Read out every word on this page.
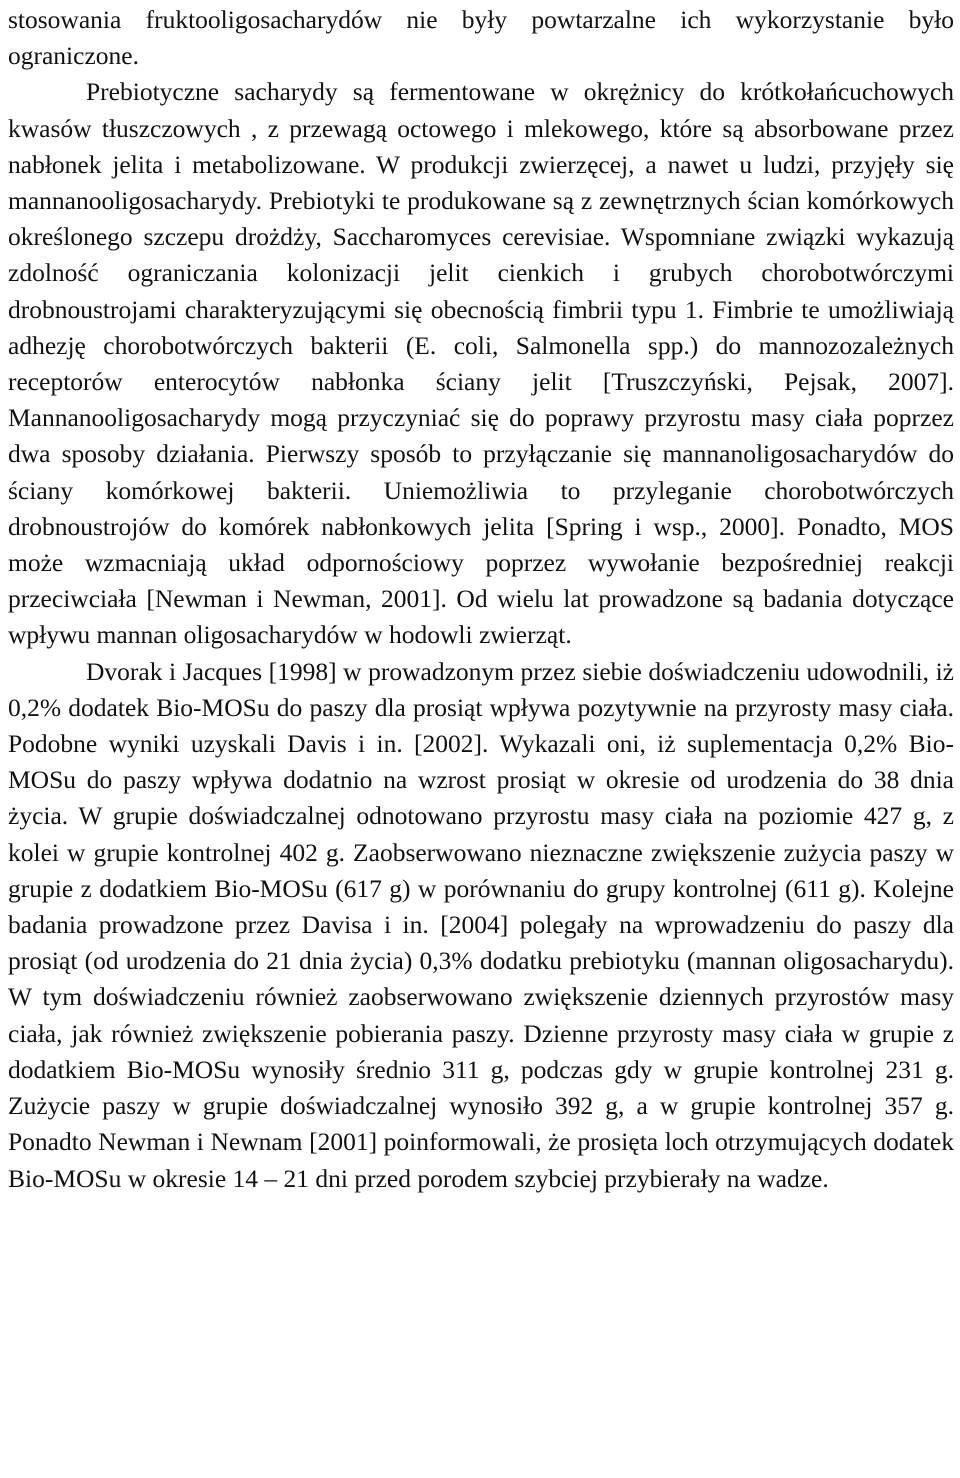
stosowania fruktooligosacharydów nie były powtarzalne ich wykorzystanie było ograniczone.

Prebiotyczne sacharydy są fermentowane w okrężnicy do krótkołańcuchowych kwasów tłuszczowych , z przewagą octowego i mlekowego, które są absorbowane przez nabłonek jelita i metabolizowane. W produkcji zwierzęcej, a nawet u ludzi, przyjęły się mannanooligosacharydy. Prebiotyki te produkowane są z zewnętrznych ścian komórkowych określonego szczepu drożdży, Saccharomyces cerevisiae. Wspomniane związki wykazują zdolność ograniczania kolonizacji jelit cienkich i grubych chorobotwórczymi drobnoustrojami charakteryzującymi się obecnością fimbrii typu 1. Fimbrie te umożliwiają adhezję chorobotwórczych bakterii (E. coli, Salmonella spp.) do mannozozależnych receptorów enterocytów nabłonka ściany jelit [Truszczyński, Pejsak, 2007]. Mannanooligosacharydy mogą przyczyniać się do poprawy przyrostu masy ciała poprzez dwa sposoby działania. Pierwszy sposób to przyłączanie się mannanoligosacharydów do ściany komórkowej bakterii. Uniemożliwia to przyleganie chorobotwórczych drobnoustrojów do komórek nabłonkowych jelita [Spring i wsp., 2000]. Ponadto, MOS może wzmacniają układ odpornościowy poprzez wywołanie bezpośredniej reakcji przeciwciała [Newman i Newman, 2001]. Od wielu lat prowadzone są badania dotyczące wpływu mannan oligosacharydów w hodowli zwierząt.

Dvorak i Jacques [1998] w prowadzonym przez siebie doświadczeniu udowodnili, iż 0,2% dodatek Bio-MOSu do paszy dla prosiąt wpływa pozytywnie na przyrosty masy ciała. Podobne wyniki uzyskali Davis i in. [2002]. Wykazali oni, iż suplementacja 0,2% Bio-MOSu do paszy wpływa dodatnio na wzrost prosiąt w okresie od urodzenia do 38 dnia życia. W grupie doświadczalnej odnotowano przyrostu masy ciała na poziomie 427 g, z kolei w grupie kontrolnej 402 g. Zaobserwowano nieznaczne zwiększenie zużycia paszy w grupie z dodatkiem Bio-MOSu (617 g) w porównaniu do grupy kontrolnej (611 g). Kolejne badania prowadzone przez Davisa i in. [2004] polegały na wprowadzeniu do paszy dla prosiąt (od urodzenia do 21 dnia życia) 0,3% dodatku prebiotyku (mannan oligosacharydu). W tym doświadczeniu również zaobserwowano zwiększenie dziennych przyrostów masy ciała, jak również zwiększenie pobierania paszy. Dzienne przyrosty masy ciała w grupie z dodatkiem Bio-MOSu wynosiły średnio 311 g, podczas gdy w grupie kontrolnej 231 g. Zużycie paszy w grupie doświadczalnej wynosiło 392 g, a w grupie kontrolnej 357 g. Ponadto Newman i Newnam [2001] poinformowali, że prosięta loch otrzymujących dodatek Bio-MOSu w okresie 14 – 21 dni przed porodem szybciej przybierały na wadze.
